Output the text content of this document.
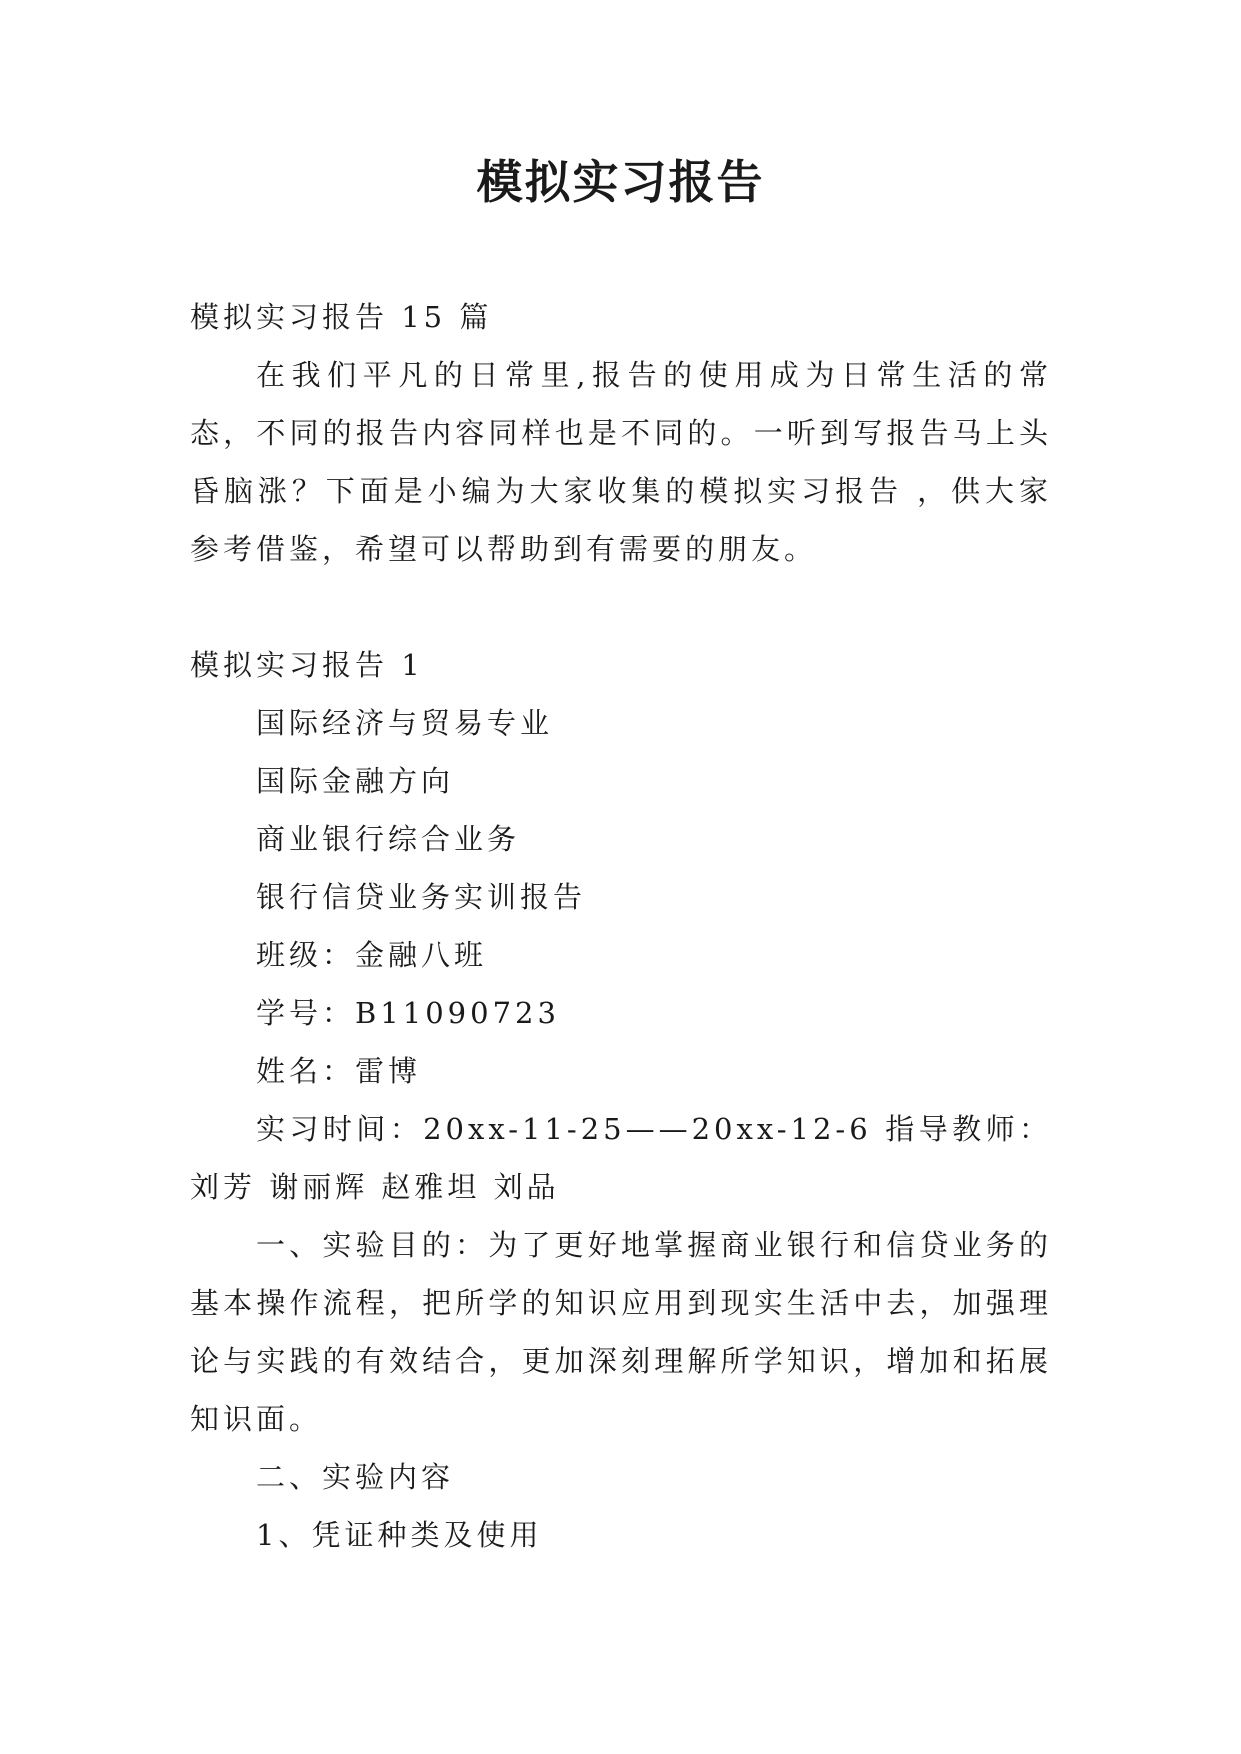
模拟实习报告

模拟实习报告 15 篇

在我们平凡的日常里,报告的使用成为日常生活的常态，不同的报告内容同样也是不同的。一听到写报告马上头昏脑涨？下面是小编为大家收集的模拟实习报告 ，供大家参考借鉴，希望可以帮助到有需要的朋友。

模拟实习报告 1

国际经济与贸易专业

国际金融方向

商业银行综合业务

银行信贷业务实训报告

班级：金融八班

学号：B11090723

姓名：雷博

实习时间：20xx-11-25——20xx-12-6 指导教师： 刘芳 谢丽辉 赵雅坦 刘品

一、实验目的：为了更好地掌握商业银行和信贷业务的基本操作流程，把所学的知识应用到现实生活中去，加强理论与实践的有效结合，更加深刻理解所学知识，增加和拓展知识面。

二、实验内容

1、凭证种类及使用
